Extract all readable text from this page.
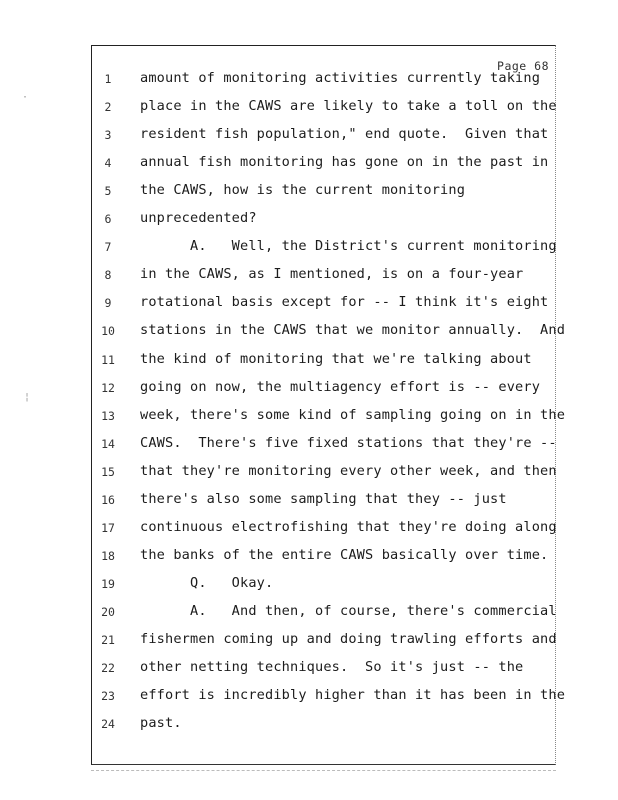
Page 68
1	amount of monitoring activities currently taking
2	place in the CAWS are likely to take a toll on the
3	resident fish population," end quote.  Given that
4	annual fish monitoring has gone on in the past in
5	the CAWS, how is the current monitoring
6	unprecedented?
7	A.   Well, the District's current monitoring
8	in the CAWS, as I mentioned, is on a four-year
9	rotational basis except for -- I think it's eight
10	stations in the CAWS that we monitor annually.  And
11	the kind of monitoring that we're talking about
12	going on now, the multiagency effort is -- every
13	week, there's some kind of sampling going on in the
14	CAWS.  There's five fixed stations that they're --
15	that they're monitoring every other week, and then
16	there's also some sampling that they -- just
17	continuous electrofishing that they're doing along
18	the banks of the entire CAWS basically over time.
19	Q.   Okay.
20	A.   And then, of course, there's commercial
21	fishermen coming up and doing trawling efforts and
22	other netting techniques.  So it's just -- the
23	effort is incredibly higher than it has been in the
24	past.
·
¦
